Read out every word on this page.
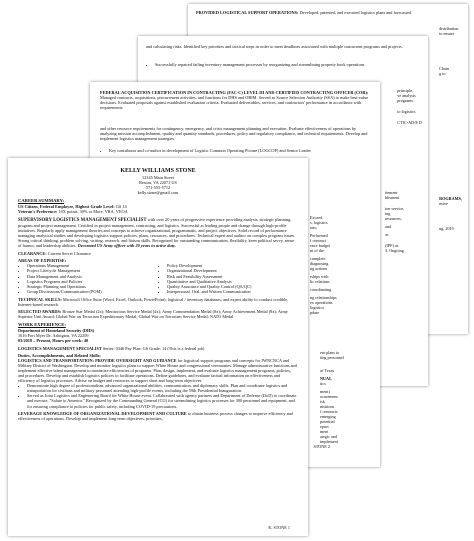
PROVIDED LOGISTICAL SUPPORT OPERATIONS: Developed, patented, and executed logistics plans and forecasted

distribution
to ensure
Chain
g to
ROGRAMS,
nsive
ng, 2019

and calculating risks. Identified key priorities and tactical steps in order to meet deadlines associated with multiple concurrent programs and projects.

• Successfully repaired failing inventory management processes by reorganizing and streamlining property book operations
principle,
ve analysis
programs.
to logistics
CTIC-AD/E D

FEDERAL ACQUISITION CERTIFICATION IN CONTRACTING (FAC-C) LEVEL III AND CERTIFIED CONTRACTING OFFICER (COR): Managed contracts, acquisitions, procurement activities, and functions for DHS and OBIM. Served as Source Selection Authority (SSA) to make best-value decisions. Evaluated proposals against established evaluation criteria. Evaluated deliverables, services, and contractors' performance in accordance with requirements.

and other resource requirements for contingency, emergency, and crisis management planning and execution. Evaluate effectiveness of operations by analyzing mission accomplishment, quality and quantity standards, procedures, policy and regulatory compliance, and technical requirements. Develop and implement logistics management strategies.

• Key contributor and co-author in development of Logistic Common Operating Picture (LOGCOP) and Senior Leader
STONE 2
KELLY WILLIAMS STONE
12345 Main Street
Reston, VA 22071 US
571-555-5712
kelly.stone@gmail.com
CAREER SUMMARY:

US Citizen, Federal Employee, Highest Grade Level: GS 14

Veteran's Preference: 10X points, 30% or More, VRA, VEOA

SUPERVISORY LOGISTICS MANAGEMENT SPECIALIST with over 20 years of progressive experience providing analysis, strategic planning, program and project management. Certified in project management, contracting, and logistics. Successful at leading people and change through high-profile initiatives. Regularly apply management theories and concepts to achieve organizational, programmatic, and project objectives. Solid record of performance managing analytical studies and developing logistics support policies, plans, resources, and procedures. Technical expert and auditor on complex program issues. Strong critical thinking, problem solving, writing, research, and liaison skills. Recognized for outstanding communication, flexibility, keen political savvy, sense of humor, and leadership abilities. Decorated US Army officer with 20 years in active duty.

CLEARANCE: Current Secret Clearance

AREAS OF EXPERTISE:

• Operations Management
• Project Lifecycle Management
• Data Management and Analysis
• Logistics Programs and Policies
• Strategic Planning and Operations
• Group Discussions/Communication (POM)
• Policy Development
• Organizational Development
• Risk and Feasibility Assessment
• Quantitative and Qualitative Analysis
• Quality Assurance and Quality Control (QA/QC)
• Interpersonal, Oral, and Written Communication

TECHNICAL SKILLS: Microsoft Office Suite (Word, Excel, Outlook, PowerPoint); logistical / inventory databases; and expert ability to conduct credible, Internet-based research.

SELECTED AWARDS: Bronze Star Medal (2x); Meritorious Service Medal (4x); Army Commendation Medal (8x); Army Achievement Medal (8x); Army Superior Unit Award; Global War on Terrorism Expeditionary Medal; Global War on Terrorism Service Medal; NATO Medal

WORK EXPERIENCE:

Department of Homeland Security (DHS)

1616 Fort Myer Dr. Arlington, VA 22209

03/2018 – Present, Hours per week: 40

LOGISTICS MANAGEMENT SPECIALIST Series: 0346 Pay Plan: GS Grade: 14 (This is a federal job)

Duties, Accomplishments, and Related Skills:

LOGISTICS AND TRANSPORTATION: PROVIDE OVERSIGHT AND GUIDANCE for logistical support programs and concepts for JWNCNCA and Military District of Washington. Develop and monitor logistics plans to support White House and congressional ceremonies. Manage administrative functions and implement effective talent management to maximize efficiencies of programs. Plan, design, implement, and evaluate logistics management programs, policies, and procedures. Develop and establish logistics policies to facilitate operations. Define guidelines, and evaluate factual information on effectiveness and efficiency of logistics processes. Advise on budget and resources to support short and long-term objectives.

• Demonstrate high degree of professionalism, advanced organizational abilities, communication, and diplomacy skills. Plan and coordinate logistics and transportation for civilians and military personnel attending high-profile events, including the 59th Presidential Inauguration.
• Served as Joint Logistics and Engineering Board for White House event. Collaborated with agency partners and Department of Defense (DoD) to coordinate and execute, "Salute to America." Recognized by the Commanding General (CG) for streamlining logistics processes for 300 personnel and equipment, and for ensuring compliance to policies for public safety, including COVID-19 precautions.

LEVERAGE KNOWLEDGE OF ORGANIZATIONAL DEVELOPMENT AND CULTURE to obtain business process changes to improve efficiency and effectiveness of operations. Develop and implement long-term objectives, priorities,

K. STONE 1
Exceed
s, logistics
ons;
Performed
f contract
ence budget
nt of the
complete
diagnosing
ng actions
rships with
lic relations
coordinating
ng relationships
ex operations
logistics
pdate
ent plans to
ting personnel
of Texas
NUAL
tics
ment)
ocurement
isk
nisitions
f contracts
emerging
potential
eport
ment
ategic and
implement
ttement
blisment
ion service,
ing
resources,
and
as
(IPP) as
3. Ongoing
